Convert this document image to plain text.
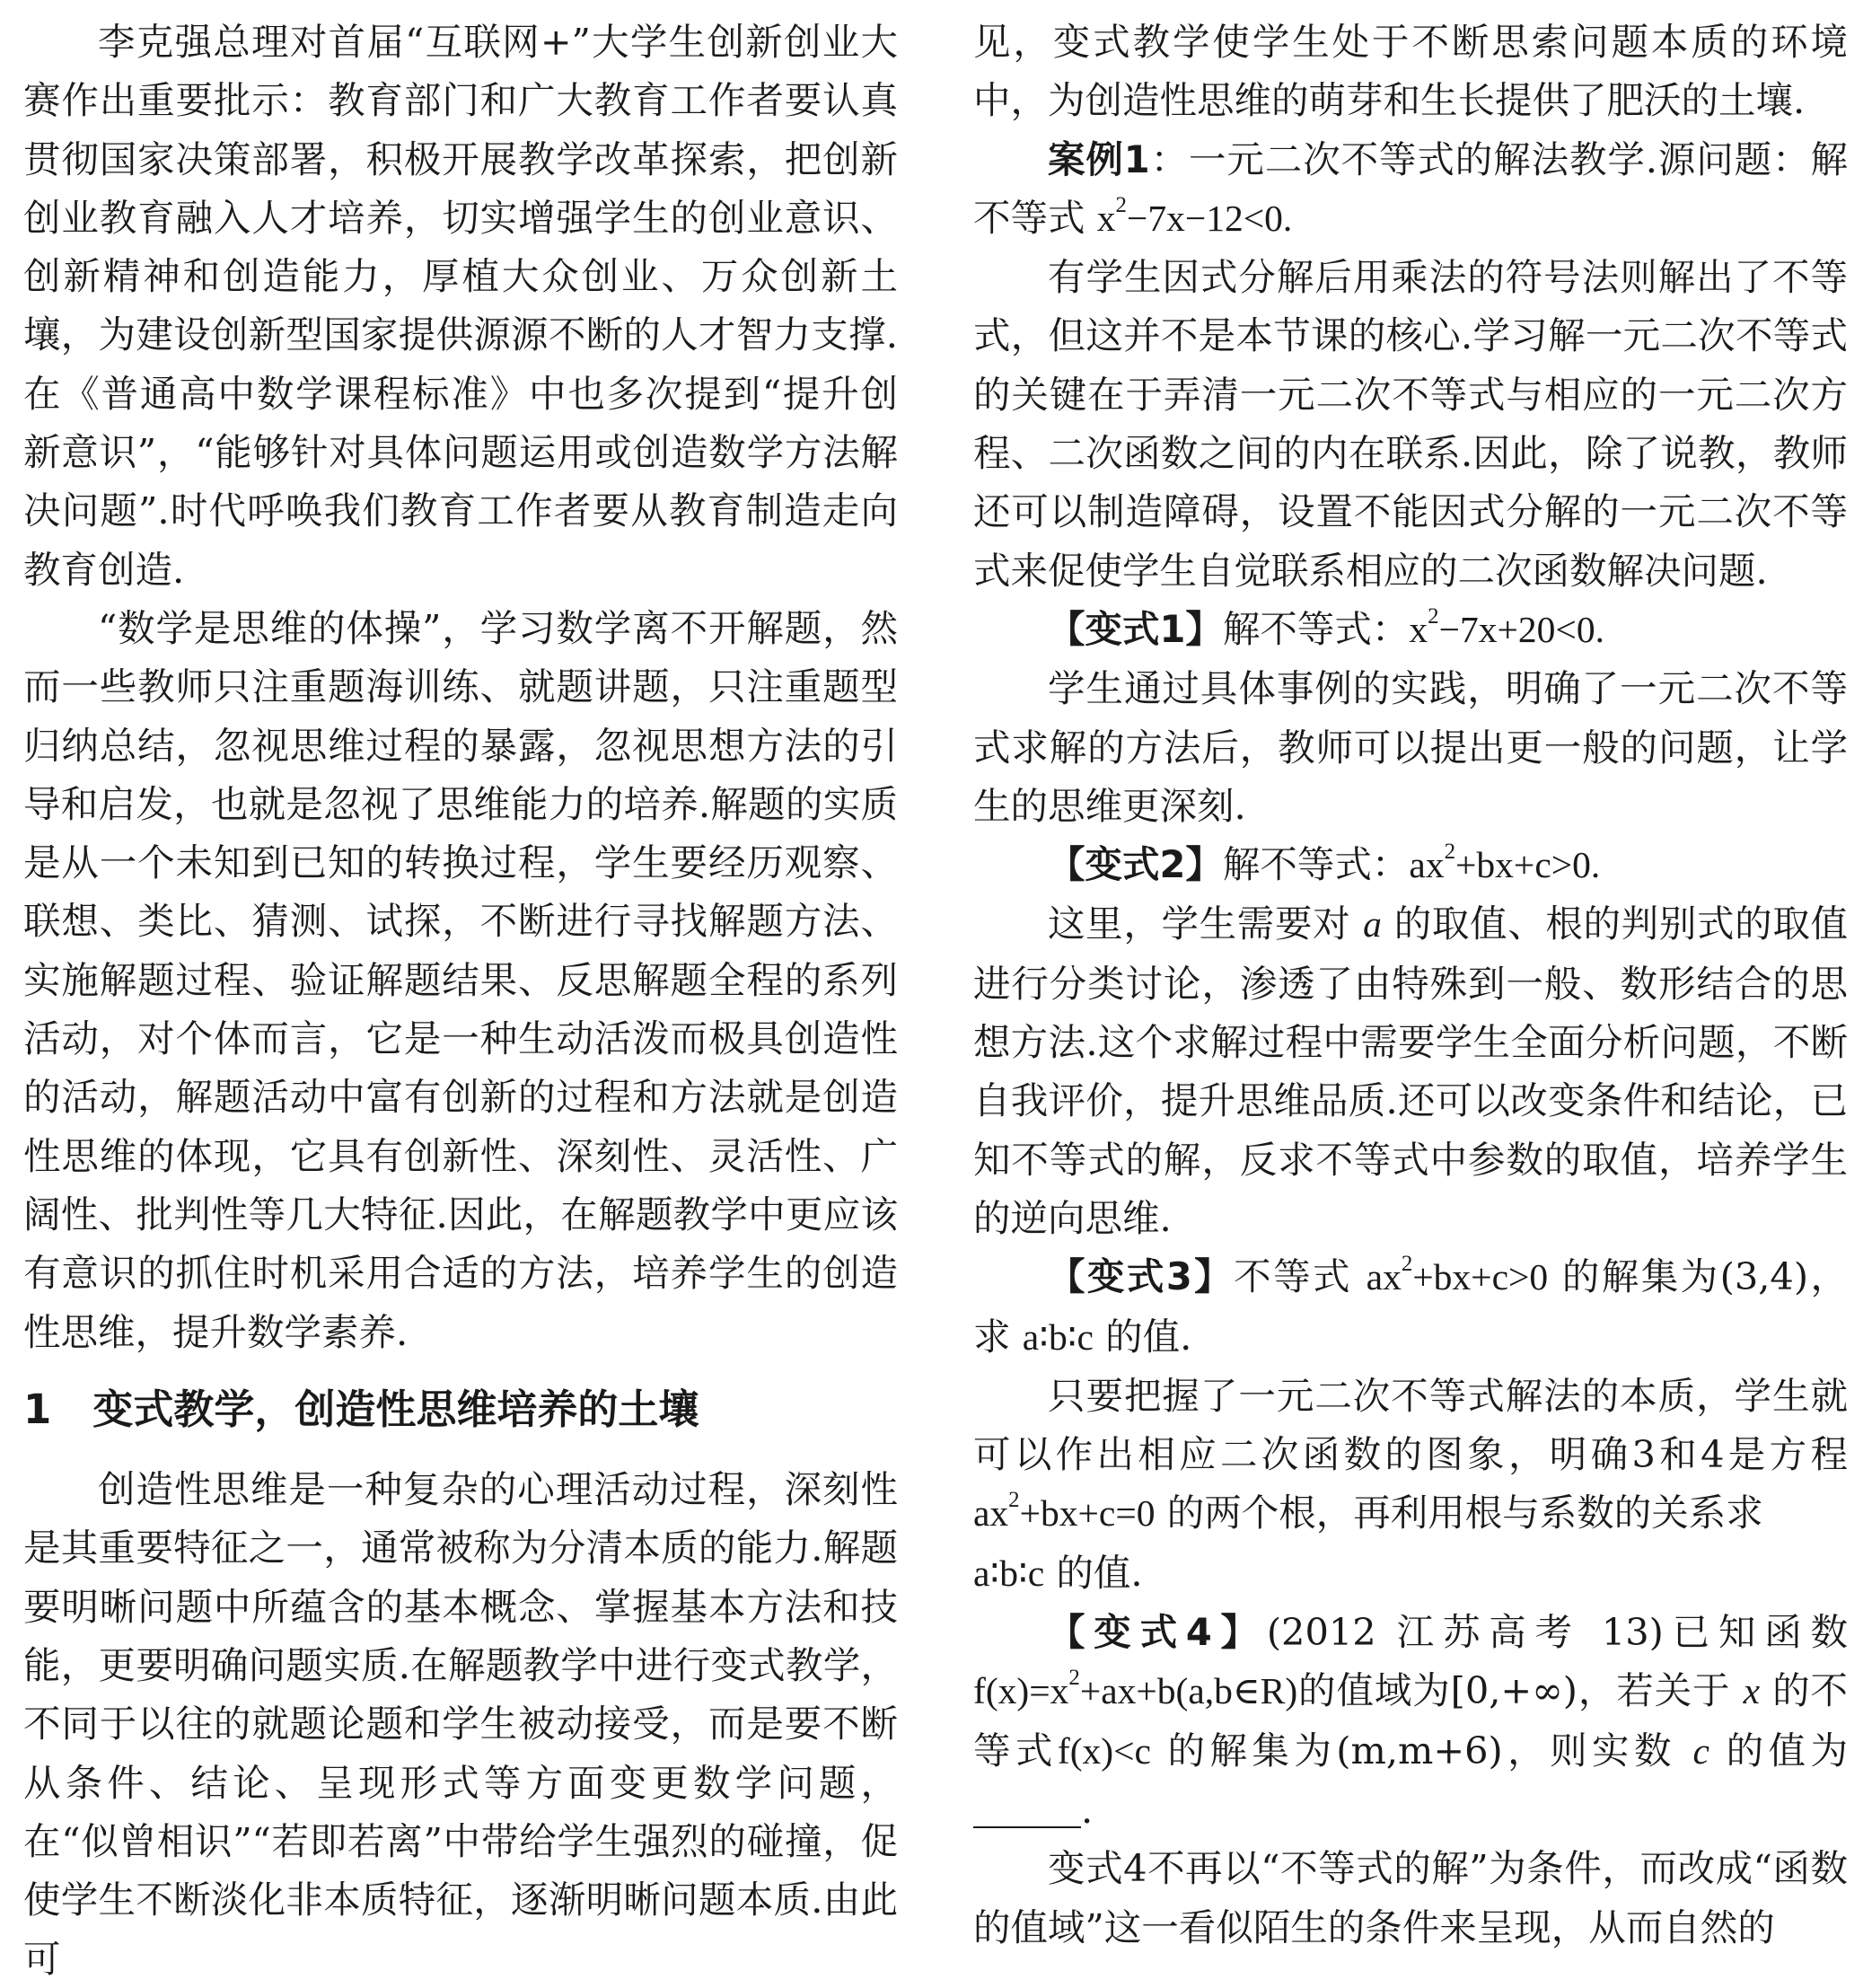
李克强总理对首届“互联网+”大学生创新创业大赛作出重要批示：教育部门和广大教育工作者要认真贯彻国家决策部署，积极开展教学改革探索，把创新创业教育融入人才培养，切实增强学生的创业意识、创新精神和创造能力，厚植大众创业、万众创新土壤，为建设创新型国家提供源源不断的人才智力支撑.在《普通高中数学课程标准》中也多次提到“提升创新意识”，“能够针对具体问题运用或创造数学方法解决问题”.时代呼唤我们教育工作者要从教育制造走向教育创造.

“数学是思维的体操”，学习数学离不开解题，然而一些教师只注重题海训练、就题讲题，只注重题型归纳总结，忽视思维过程的暴露，忽视思想方法的引导和启发，也就是忽视了思维能力的培养.解题的实质是从一个未知到已知的转换过程，学生要经历观察、联想、类比、猜测、试探，不断进行寻找解题方法、实施解题过程、验证解题结果、反思解题全程的系列活动，对个体而言，它是一种生动活泼而极具创造性的活动，解题活动中富有创新的过程和方法就是创造性思维的体现，它具有创新性、深刻性、灵活性、广阔性、批判性等几大特征.因此，在解题教学中更应该有意识的抓住时机采用合适的方法，培养学生的创造性思维，提升数学素养.

1 变式教学，创造性思维培养的土壤

创造性思维是一种复杂的心理活动过程，深刻性是其重要特征之一，通常被称为分清本质的能力.解题要明晰问题中所蕴含的基本概念、掌握基本方法和技能，更要明确问题实质.在解题教学中进行变式教学，不同于以往的就题论题和学生被动接受，而是要不断从条件、结论、呈现形式等方面变更数学问题，在“似曾相识”“若即若离”中带给学生强烈的碰撞，促使学生不断淡化非本质特征，逐渐明晰问题本质.由此可

见，变式教学使学生处于不断思索问题本质的环境中，为创造性思维的萌芽和生长提供了肥沃的土壤.

案例1：一元二次不等式的解法教学.源问题：解不等式 $x^2-7x-12<0$.

有学生因式分解后用乘法的符号法则解出了不等式，但这并不是本节课的核心.学习解一元二次不等式的关键在于弄清一元二次不等式与相应的一元二次方程、二次函数之间的内在联系.因此，除了说教，教师还可以制造障碍，设置不能因式分解的一元二次不等式来促使学生自觉联系相应的二次函数解决问题.

【变式1】解不等式：$x^2-7x+20<0$.

学生通过具体事例的实践，明确了一元二次不等式求解的方法后，教师可以提出更一般的问题，让学生的思维更深刻.

【变式2】解不等式：$ax^2+bx+c>0$.

这里，学生需要对 a 的取值、根的判别式的取值进行分类讨论，渗透了由特殊到一般、数形结合的思想方法.这个求解过程中需要学生全面分析问题，不断自我评价，提升思维品质.还可以改变条件和结论，已知不等式的解，反求不等式中参数的取值，培养学生的逆向思维.

【变式3】不等式 $ax^2+bx+c>0$ 的解集为(3,4)，求 a∶b∶c 的值.

只要把握了一元二次不等式解法的本质，学生就可以作出相应二次函数的图象，明确3和4是方程 $ax^2+bx+c=0$ 的两个根，再利用根与系数的关系求
a∶b∶c 的值.

【变式4】(2012 江苏高考 13)已知函数$f(x)=x^2+ax+b(a,b\in R)$的值域为[0,+∞)，若关于 x 的不等式f(x)<c 的解集为(m,m+6)，则实数 c 的值为.

变式4不再以“不等式的解”为条件，而改成“函数的值域”这一看似陌生的条件来呈现，从而自然的
